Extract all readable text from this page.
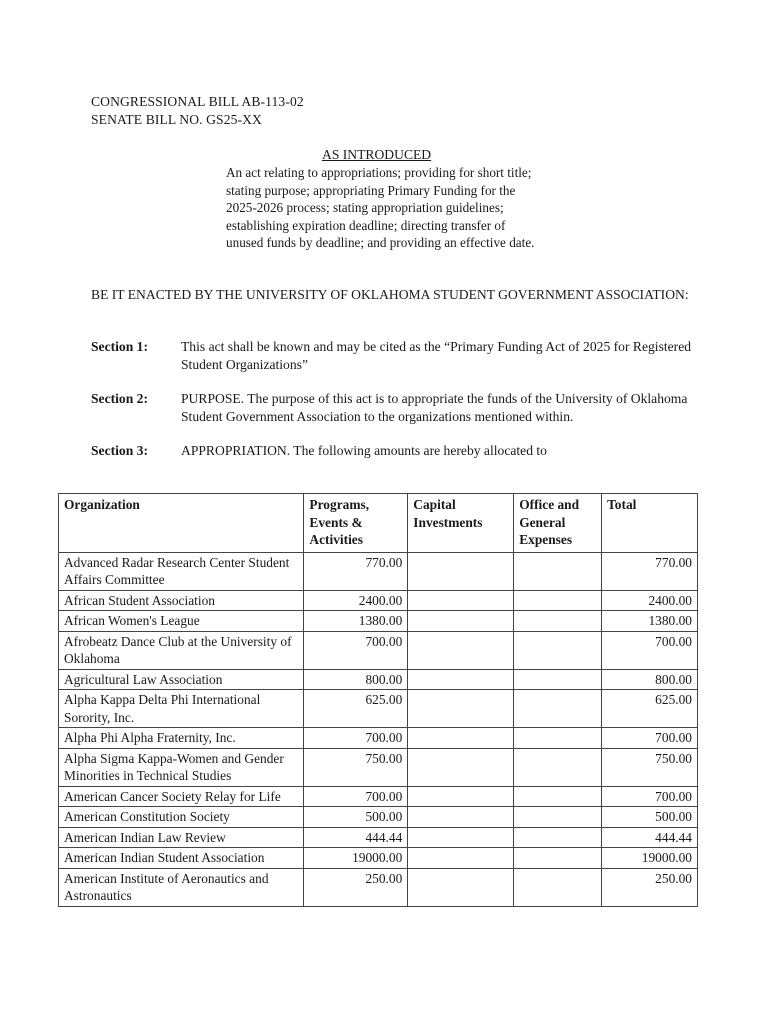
CONGRESSIONAL BILL AB-113-02
SENATE BILL NO. GS25-XX
AS INTRODUCED
An act relating to appropriations; providing for short title; stating purpose; appropriating Primary Funding for the 2025-2026 process; stating appropriation guidelines; establishing expiration deadline; directing transfer of unused funds by deadline; and providing an effective date.
BE IT ENACTED BY THE UNIVERSITY OF OKLAHOMA STUDENT GOVERNMENT ASSOCIATION:
Section 1:	This act shall be known and may be cited as the “Primary Funding Act of 2025 for Registered Student Organizations”
Section 2:	PURPOSE. The purpose of this act is to appropriate the funds of the University of Oklahoma Student Government Association to the organizations mentioned within.
Section 3:	APPROPRIATION. The following amounts are hereby allocated to
Organization	Programs, Events & Activities	Capital Investments	Office and General Expenses	Total
Advanced Radar Research Center Student Affairs Committee	770.00			770.00
African Student Association	2400.00			2400.00
African Women's League	1380.00			1380.00
Afrobeatz Dance Club at the University of Oklahoma	700.00			700.00
Agricultural Law Association	800.00			800.00
Alpha Kappa Delta Phi International Sorority, Inc.	625.00			625.00
Alpha Phi Alpha Fraternity, Inc.	700.00			700.00
Alpha Sigma Kappa-Women and Gender Minorities in Technical Studies	750.00			750.00
American Cancer Society Relay for Life	700.00			700.00
American Constitution Society	500.00			500.00
American Indian Law Review	444.44			444.44
American Indian Student Association	19000.00			19000.00
American Institute of Aeronautics and Astronautics	250.00			250.00
